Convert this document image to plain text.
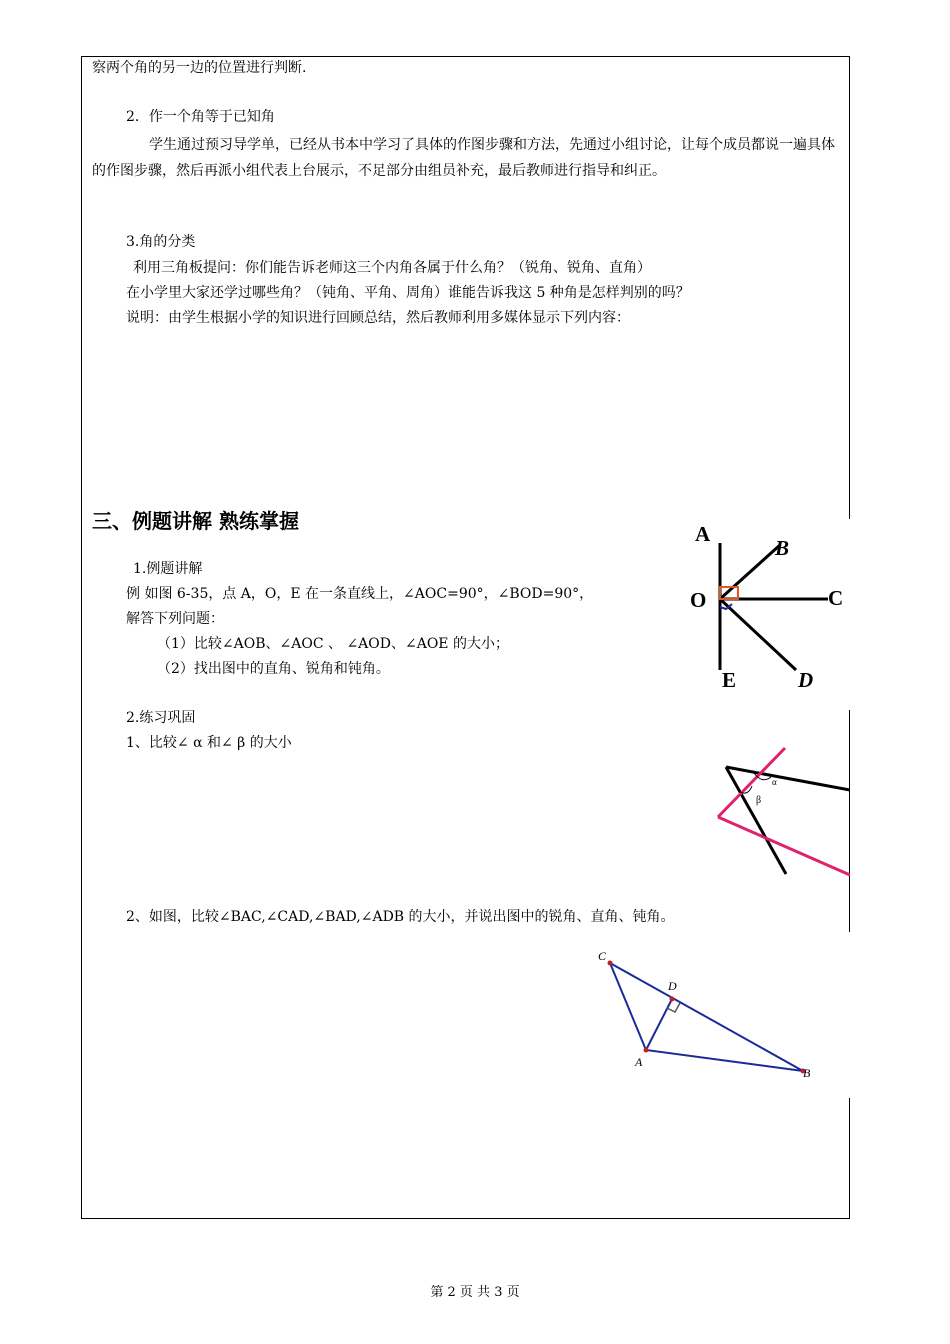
察两个角的另一边的位置进行判断.
2．作一个角等于已知角
学生通过预习导学单，已经从书本中学习了具体的作图步骤和方法，先通过小组讨论，让每个成员都说一遍具体的作图步骤，然后再派小组代表上台展示，不足部分由组员补充，最后教师进行指导和纠正。
3.角的分类
利用三角板提问：你们能告诉老师这三个内角各属于什么角？（锐角、锐角、直角）
在小学里大家还学过哪些角？（钝角、平角、周角）谁能告诉我这 5 种角是怎样判别的吗？
说明：由学生根据小学的知识进行回顾总结，然后教师利用多媒体显示下列内容：
三、例题讲解 熟练掌握
1.例题讲解
例 如图 6-35，点 A，O，E 在一条直线上，∠AOC=90°，∠BOD=90°，
解答下列问题：
（1）比较∠AOB、∠AOC 、 ∠AOD、∠AOE 的大小；
（2）找出图中的直角、锐角和钝角。
2.练习巩固
1、比较∠ α 和∠ β 的大小
2、如图，比较∠BAC,∠CAD,∠BAD,∠ADB 的大小，并说出图中的锐角、直角、钝角。
A
B
C
O
E	D
α
β
C
D
A
B
第 2 页 共 3 页
